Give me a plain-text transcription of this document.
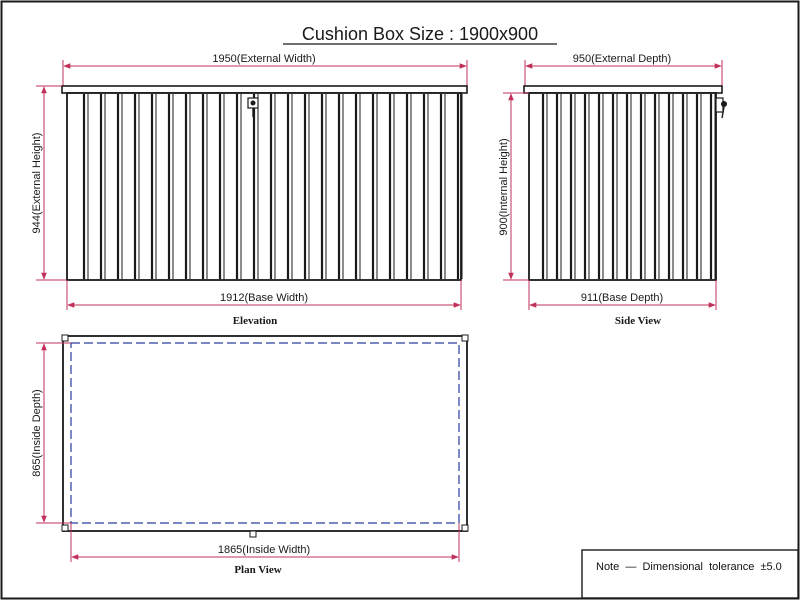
Cushion Box Size : 1900x900
1950(External Width)
944(External Height)
1912(Base Width)
Elevation
950(External Depth)
900(Internal Height)
911(Base Depth)
Side View
865(Inside Depth)
1865(Inside Width)
Plan View	Note  —  Dimensional  tolerance  ±5.0
